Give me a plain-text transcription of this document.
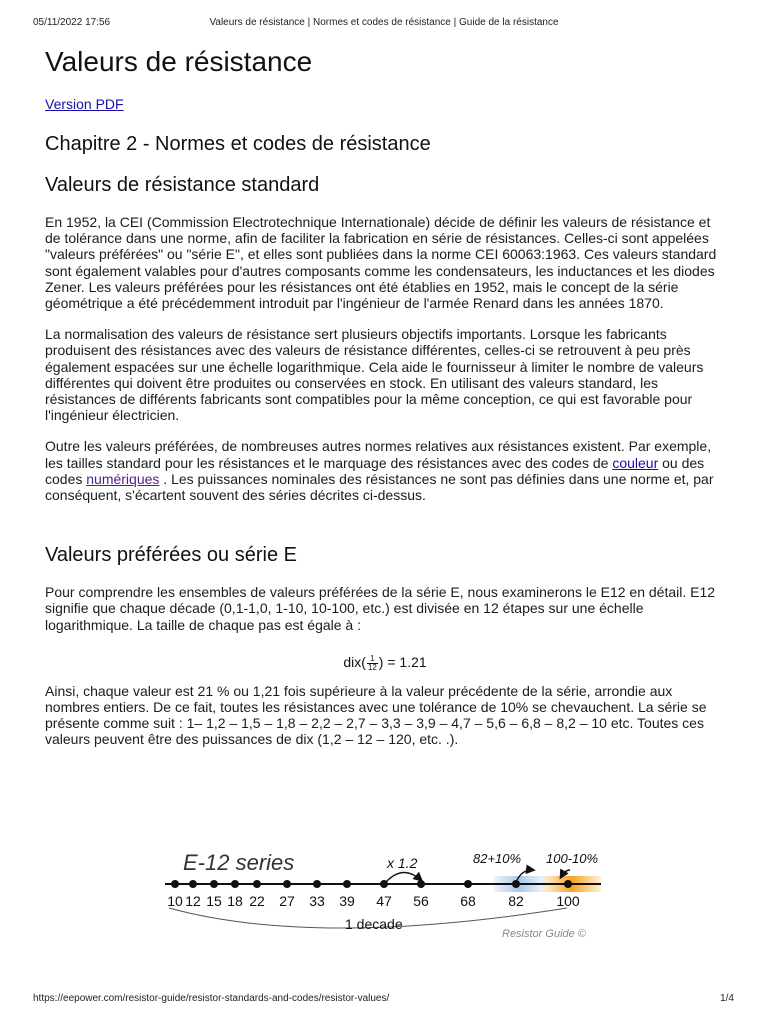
05/11/2022 17:56	Valeurs de résistance | Normes et codes de résistance | Guide de la résistance
Valeurs de résistance
Version PDF
Chapitre 2 - Normes et codes de résistance
Valeurs de résistance standard

En 1952, la CEI (Commission Electrotechnique Internationale) décide de définir les valeurs de résistance et de tolérance dans une norme, afin de faciliter la fabrication en série de résistances. Celles-ci sont appelées "valeurs préférées" ou "série E", et elles sont publiées dans la norme CEI 60063:1963. Ces valeurs standard sont également valables pour d'autres composants comme les condensateurs, les inductances et les diodes Zener. Les valeurs préférées pour les résistances ont été établies en 1952, mais le concept de la série géométrique a été précédemment introduit par l'ingénieur de l'armée Renard dans les années 1870.

La normalisation des valeurs de résistance sert plusieurs objectifs importants. Lorsque les fabricants produisent des résistances avec des valeurs de résistance différentes, celles-ci se retrouvent à peu près également espacées sur une échelle logarithmique. Cela aide le fournisseur à limiter le nombre de valeurs différentes qui doivent être produites ou conservées en stock. En utilisant des valeurs standard, les résistances de différents fabricants sont compatibles pour la même conception, ce qui est favorable pour l'ingénieur électricien.

Outre les valeurs préférées, de nombreuses autres normes relatives aux résistances existent. Par exemple, les tailles standard pour les résistances et le marquage des résistances avec des codes de couleur ou des codes numériques . Les puissances nominales des résistances ne sont pas définies dans une norme et, par conséquent, s'écartent souvent des séries décrites ci-dessus.

Valeurs préférées ou série E

Pour comprendre les ensembles de valeurs préférées de la série E, nous examinerons le E12 en détail. E12 signifie que chaque décade (0,1-1,0, 1-10, 10-100, etc.) est divisée en 12 étapes sur une échelle logarithmique. La taille de chaque pas est égale à :

$dix( \frac{1}{12}$ ) = 1.21

Ainsi, chaque valeur est 21 % ou 1,21 fois supérieure à la valeur précédente de la série, arrondie aux nombres entiers. De ce fait, toutes les résistances avec une tolérance de 10% se chevauchent. La série se présente comme suit : 1– 1,2 – 1,5 – 1,8 – 2,2 – 2,7 – 3,3 – 3,9 – 4,7 – 5,6 – 6,8 – 8,2 – 10 etc. Toutes ces valeurs peuvent être des puissances de dix (1,2 – 12 – 120, etc. .).

E-12 series	x 1.2	82+10% 100-10%
10 12 15 18 22 27 33 39 47 56 68 82 100
1 decade
Resistor Guide ©
https://eepower.com/resistor-guide/resistor-standards-and-codes/resistor-values/	1/4
